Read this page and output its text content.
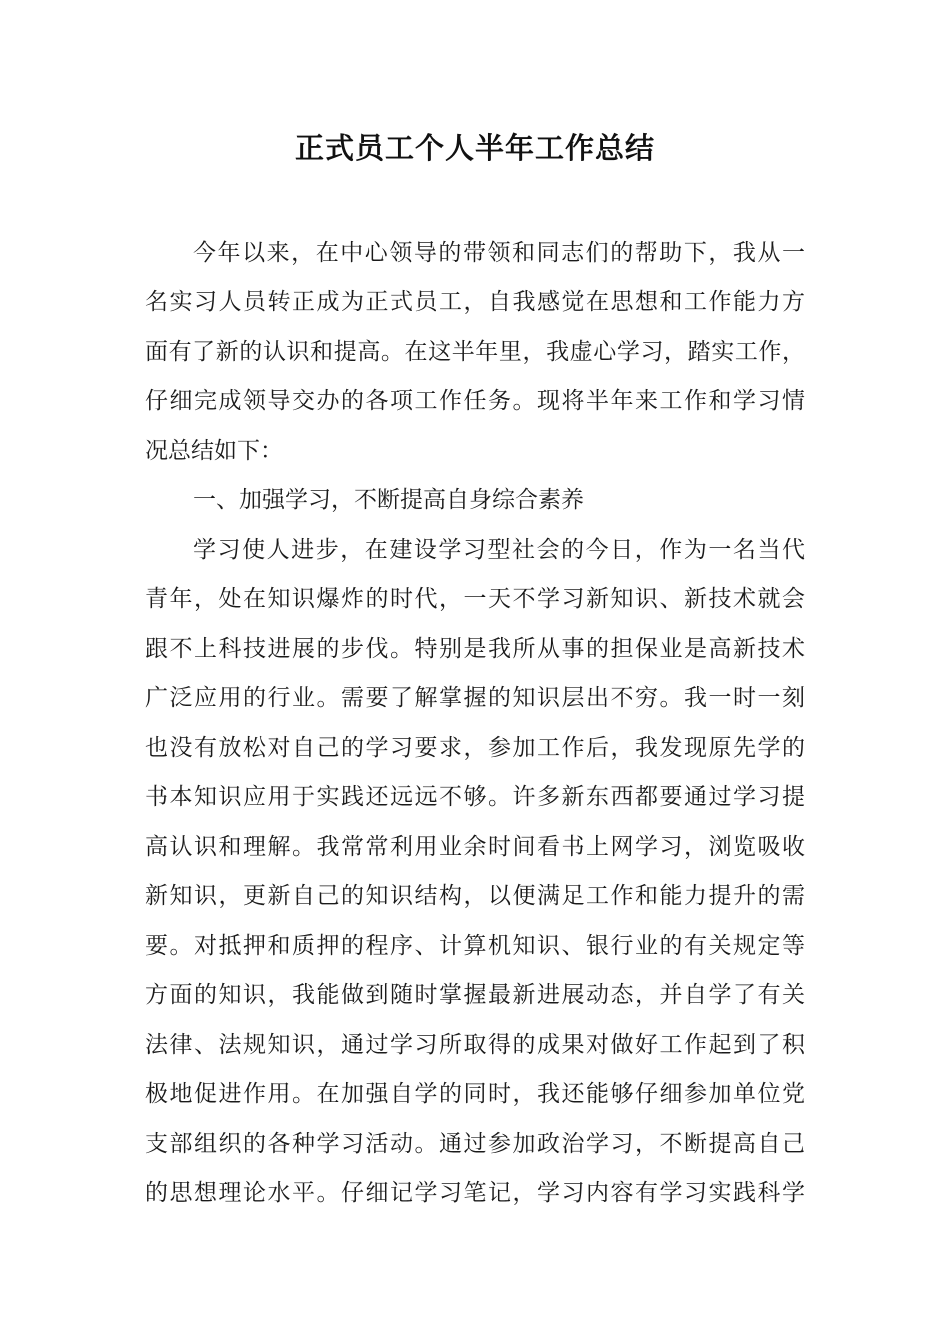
正式员工个人半年工作总结
今年以来，在中心领导的带领和同志们的帮助下，我从一
名实习人员转正成为正式员工，自我感觉在思想和工作能力方
面有了新的认识和提高。在这半年里，我虚心学习，踏实工作，
仔细完成领导交办的各项工作任务。现将半年来工作和学习情
况总结如下：
一、加强学习，不断提高自身综合素养
学习使人进步，在建设学习型社会的今日，作为一名当代
青年，处在知识爆炸的时代，一天不学习新知识、新技术就会
跟不上科技进展的步伐。特别是我所从事的担保业是高新技术
广泛应用的行业。需要了解掌握的知识层出不穷。我一时一刻
也没有放松对自己的学习要求，参加工作后，我发现原先学的
书本知识应用于实践还远远不够。许多新东西都要通过学习提
高认识和理解。我常常利用业余时间看书上网学习，浏览吸收
新知识，更新自己的知识结构，以便满足工作和能力提升的需
要。对抵押和质押的程序、计算机知识、银行业的有关规定等
方面的知识，我能做到随时掌握最新进展动态，并自学了有关
法律、法规知识，通过学习所取得的成果对做好工作起到了积
极地促进作用。在加强自学的同时，我还能够仔细参加单位党
支部组织的各种学习活动。通过参加政治学习，不断提高自己
的思想理论水平。仔细记学习笔记，学习内容有学习实践科学
